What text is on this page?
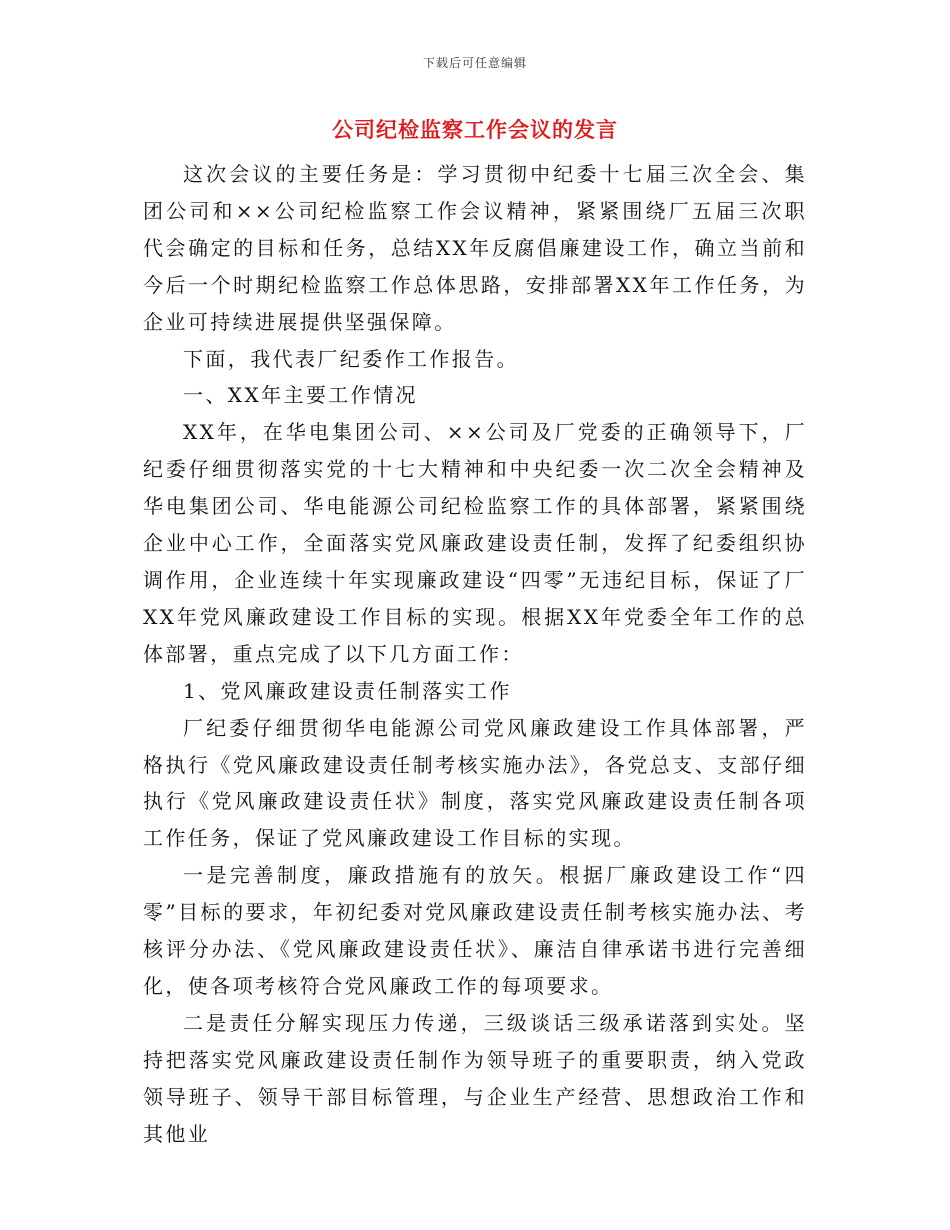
下载后可任意编辑
公司纪检监察工作会议的发言

这次会议的主要任务是：学习贯彻中纪委十七届三次全会、集团公司和××公司纪检监察工作会议精神，紧紧围绕厂五届三次职代会确定的目标和任务，总结XX年反腐倡廉建设工作，确立当前和今后一个时期纪检监察工作总体思路，安排部署XX年工作任务，为企业可持续进展提供坚强保障。

下面，我代表厂纪委作工作报告。

一、XX年主要工作情况

XX年，在华电集团公司、××公司及厂党委的正确领导下，厂纪委仔细贯彻落实党的十七大精神和中央纪委一次二次全会精神及华电集团公司、华电能源公司纪检监察工作的具体部署，紧紧围绕企业中心工作，全面落实党风廉政建设责任制，发挥了纪委组织协调作用，企业连续十年实现廉政建设“四零”无违纪目标，保证了厂XX年党风廉政建设工作目标的实现。根据XX年党委全年工作的总体部署，重点完成了以下几方面工作：

1、党风廉政建设责任制落实工作

厂纪委仔细贯彻华电能源公司党风廉政建设工作具体部署，严格执行《党风廉政建设责任制考核实施办法》，各党总支、支部仔细执行《党风廉政建设责任状》制度，落实党风廉政建设责任制各项工作任务，保证了党风廉政建设工作目标的实现。

一是完善制度，廉政措施有的放矢。根据厂廉政建设工作“四零”目标的要求，年初纪委对党风廉政建设责任制考核实施办法、考核评分办法、《党风廉政建设责任状》、廉洁自律承诺书进行完善细化，使各项考核符合党风廉政工作的每项要求。

二是责任分解实现压力传递，三级谈话三级承诺落到实处。坚持把落实党风廉政建设责任制作为领导班子的重要职责，纳入党政领导班子、领导干部目标管理，与企业生产经营、思想政治工作和其他业
